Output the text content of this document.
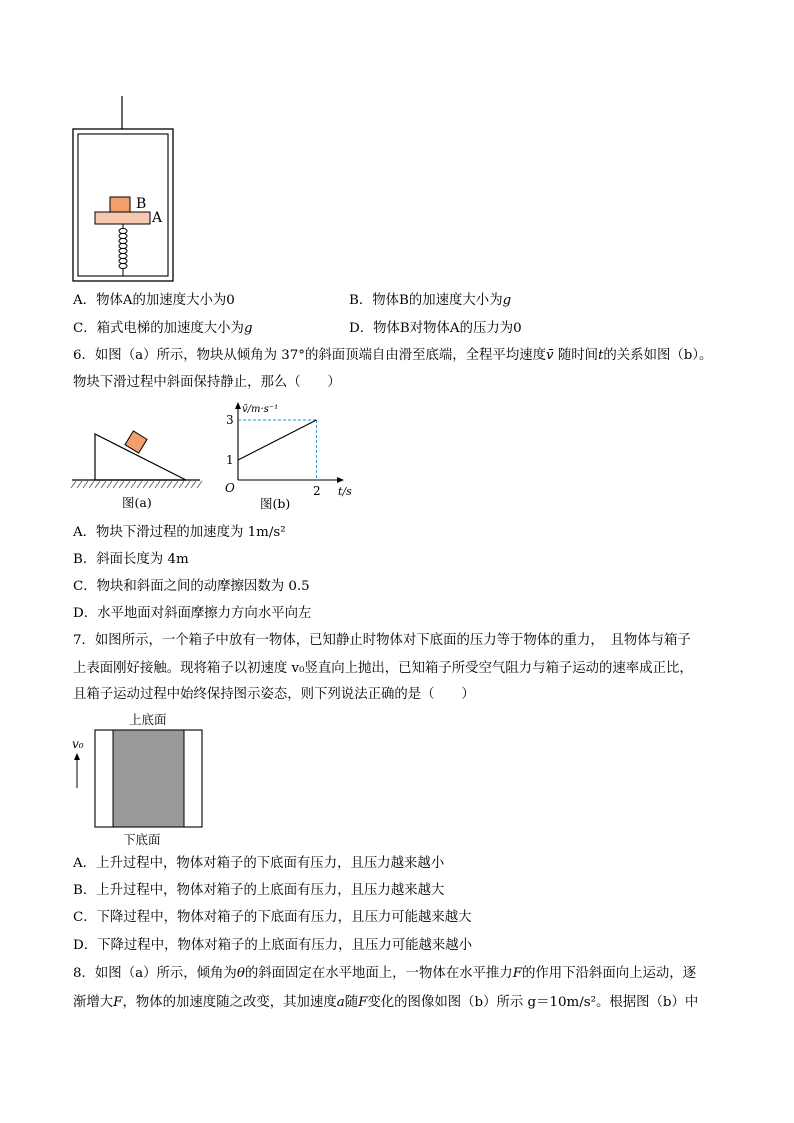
B
A
A．物体A的加速度大小为0	B．物体B的加速度大小为g
C．箱式电梯的加速度大小为g	D．物体B对物体A的压力为0
6．如图（a）所示，物块从倾角为 37°的斜面顶端自由滑至底端，全程平均速度v̄ 随时间t的关系如图（b）。
物块下滑过程中斜面保持静止，那么（　　）
图(a)
v̄/m·s⁻¹
3
1
O	2 t/s
图(b)
A．物块下滑过程的加速度为 1m/s²
B．斜面长度为 4m
C．物块和斜面之间的动摩擦因数为 0.5
D．水平地面对斜面摩擦力方向水平向左
7．如图所示，一个箱子中放有一物体，已知静止时物体对下底面的压力等于物体的重力，　且物体与箱子
上表面刚好接触。现将箱子以初速度 v₀竖直向上抛出，已知箱子所受空气阻力与箱子运动的速率成正比，
且箱子运动过程中始终保持图示姿态，则下列说法正确的是（　　）
上底面
v₀
下底面
A．上升过程中，物体对箱子的下底面有压力，且压力越来越小
B．上升过程中，物体对箱子的上底面有压力，且压力越来越大
C．下降过程中，物体对箱子的下底面有压力，且压力可能越来越大
D．下降过程中，物体对箱子的上底面有压力，且压力可能越来越小
8．如图（a）所示，倾角为θ的斜面固定在水平地面上，一物体在水平推力F的作用下沿斜面向上运动，逐
渐增大F，物体的加速度随之改变，其加速度a随F变化的图像如图（b）所示 g＝10m/s²。根据图（b）中
